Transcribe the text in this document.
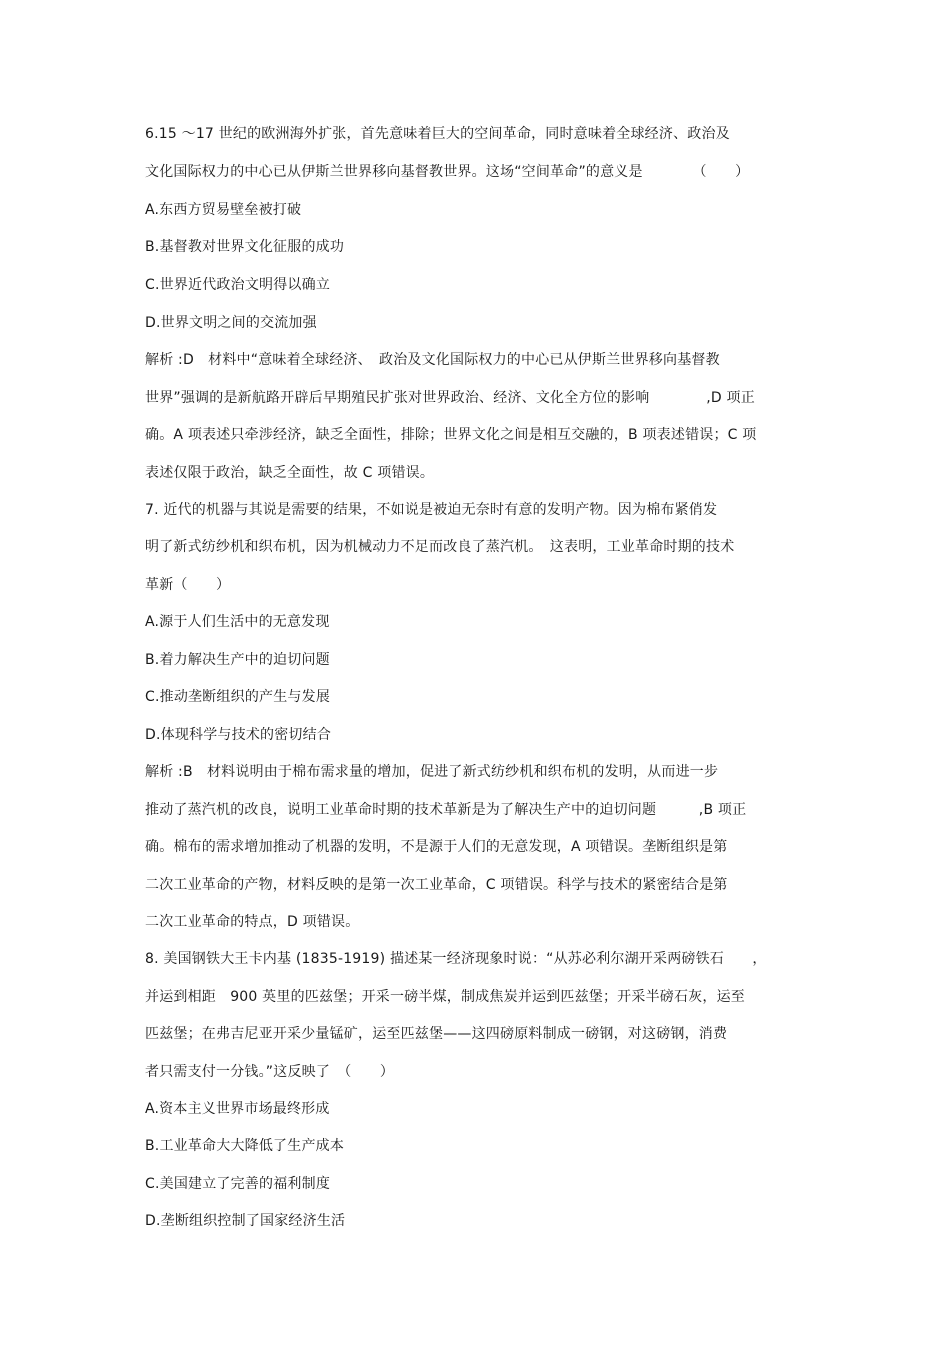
6.15 ～17 世纪的欧洲海外扩张，首先意味着巨大的空间革命，同时意味着全球经济、政治及
文化国际权力的中心已从伊斯兰世界移向基督教世界。这场“空间革命”的意义是　　　　（　　）
A.东西方贸易壁垒被打破
B.基督教对世界文化征服的成功
C.世界近代政治文明得以确立
D.世界文明之间的交流加强
解析 :D　材料中“意味着全球经济、　政治及文化国际权力的中心已从伊斯兰世界移向基督教
世界”强调的是新航路开辟后早期殖民扩张对世界政治、经济、文化全方位的影响　　　　,D 项正
确。A 项表述只牵涉经济，缺乏全面性，排除；世界文化之间是相互交融的，B 项表述错误；C 项
表述仅限于政治，缺乏全面性，故 C 项错误。
7. 近代的机器与其说是需要的结果，不如说是被迫无奈时有意的发明产物。因为棉布紧俏发
明了新式纺纱机和织布机，因为机械动力不足而改良了蒸汽机。　这表明，工业革命时期的技术
革新（　　）
A.源于人们生活中的无意发现
B.着力解决生产中的迫切问题
C.推动垄断组织的产生与发展
D.体现科学与技术的密切结合
解析 :B　材料说明由于棉布需求量的增加，促进了新式纺纱机和织布机的发明，从而进一步
推动了蒸汽机的改良，说明工业革命时期的技术革新是为了解决生产中的迫切问题　　　,B 项正
确。棉布的需求增加推动了机器的发明，不是源于人们的无意发现，A 项错误。垄断组织是第
二次工业革命的产物，材料反映的是第一次工业革命，C 项错误。科学与技术的紧密结合是第
二次工业革命的特点，D 项错误。
8. 美国钢铁大王卡内基 (1835-1919) 描述某一经济现象时说：“从苏必利尔湖开采两磅铁石　　，
并运到相距　900 英里的匹兹堡；开采一磅半煤，制成焦炭并运到匹兹堡；开采半磅石灰，运至
匹兹堡；在弗吉尼亚开采少量锰矿，运至匹兹堡——这四磅原料制成一磅钢，对这磅钢，消费
者只需支付一分钱。”这反映了　（　　）
A.资本主义世界市场最终形成
B.工业革命大大降低了生产成本
C.美国建立了完善的福利制度
D.垄断组织控制了国家经济生活
